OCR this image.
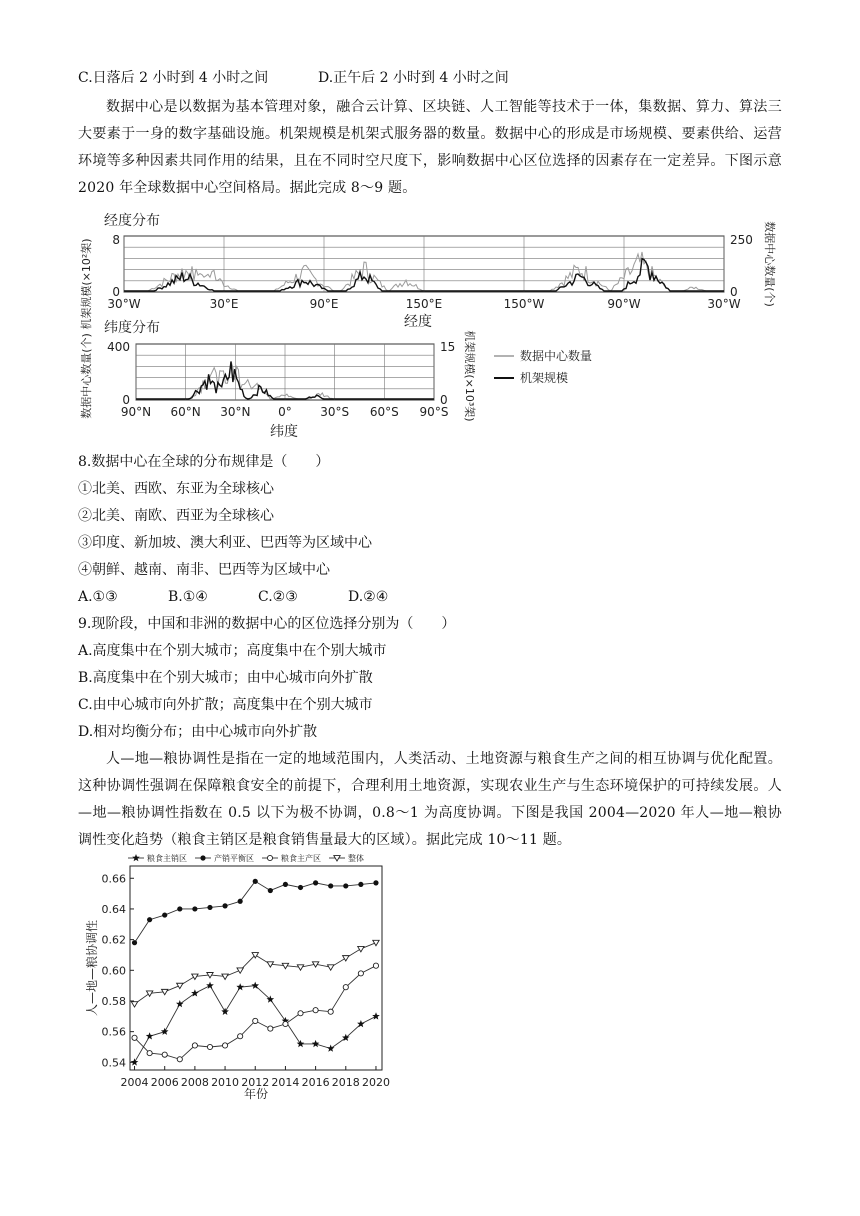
C.日落后 2 小时到 4 小时之间	D.正午后 2 小时到 4 小时之间
数据中心是以数据为基本管理对象，融合云计算、区块链、人工智能等技术于一体，集数据、算力、算法三大要素于一身的数字基础设施。机架规模是机架式服务器的数量。数据中心的形成是市场规模、要素供给、运营环境等多种因素共同作用的结果，且在不同时空尺度下，影响数据中心区位选择的因素存在一定差异。下图示意 2020 年全球数据中心空间格局。据此完成 8～9 题。
经度分布
机架规模(×10²架) 8
0
250
0 数据中心数量(个)
30°W	30°E	90°E	150°E	150°W	90°W	30°W
经度
纬度分布
数据中心数量(个) 400
0
15
0 机架规模(×10³架)
90°N 60°N 30°N 0° 30°S 60°S 90°S
纬度
数据中心数量
机架规模
8.数据中心在全球的分布规律是（　　）
①北美、西欧、东亚为全球核心
②北美、南欧、西亚为全球核心
③印度、新加坡、澳大利亚、巴西等为区域中心
④朝鲜、越南、南非、巴西等为区域中心
A.①③	B.①④	C.②③	D.②④
9.现阶段，中国和非洲的数据中心的区位选择分别为（　　）
A.高度集中在个别大城市；高度集中在个别大城市
B.高度集中在个别大城市；由中心城市向外扩散
C.由中心城市向外扩散；高度集中在个别大城市
D.相对均衡分布；由中心城市向外扩散
人—地—粮协调性是指在一定的地域范围内，人类活动、土地资源与粮食生产之间的相互协调与优化配置。这种协调性强调在保障粮食安全的前提下，合理利用土地资源，实现农业生产与生态环境保护的可持续发展。人—地—粮协调性指数在 0.5 以下为极不协调，0.8～1 为高度协调。下图是我国 2004—2020 年人—地—粮协调性变化趋势（粮食主销区是粮食销售量最大的区域）。据此完成 10～11 题。
粮食主销区	产销平衡区	粮食主产区	整体
0.54
0.56
0.58
0.60
0.62
0.64
0.66
2004 2006 2008 2010 2012 2014 2016 2018 2020
人—地—粮协调性
年份
